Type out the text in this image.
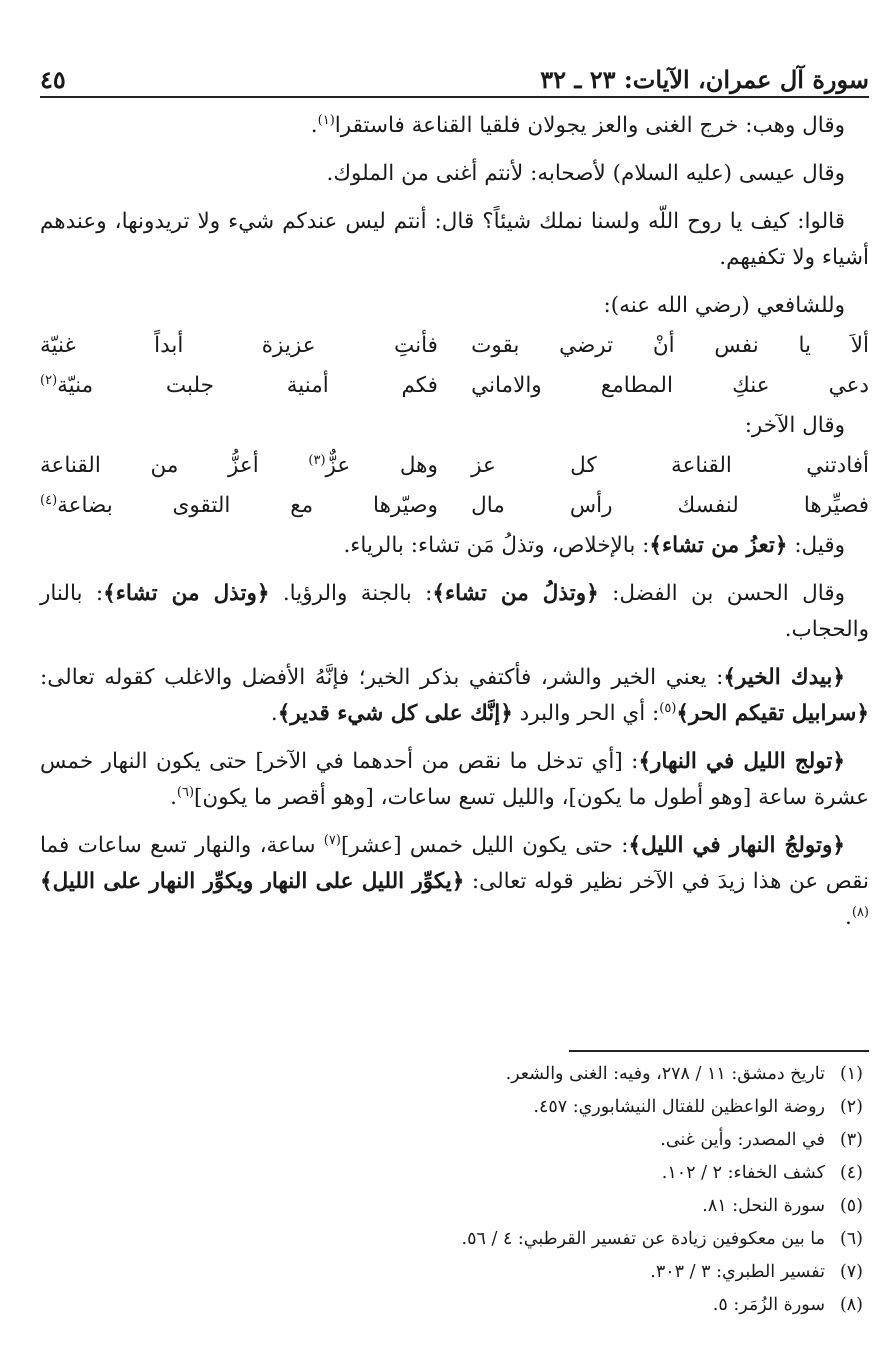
سورة آل عمران، الآيات: ٢٣ ـ ٣٢
٤٥

وقال وهب: خرج الغنى والعز يجولان فلقيا القناعة فاستقرا$^{(١)}$.

وقال عيسى (عليه السلام) لأصحابه: لأنتم أغنى من الملوك.

قالوا: كيف يا روح اللّه ولسنا نملك شيئاً؟ قال: أنتم ليس عندكم شيء ولا تريدونها، وعندهم أشياء ولا تكفيهم.

وللشافعي (رضي الله عنه):

ألاَ يا نفس أنْ ترضي بقوت
فأنتِ عزيزة أبداً غنيّة
دعي عنكِ المطامع والاماني
فكم أمنية جلبت منيّة$^{(٢)}$

وقال الآخر:

أفادتني القناعة كل عز
وهل عزٌّ$^{(٣)}$ أعزُّ من القناعة
فصيِّرها لنفسك رأس مال
وصيّرها مع التقوى بضاعة$^{(٤)}$

وقيل: ﴿تعزُ من تشاء﴾: بالإخلاص، وتذلُ مَن تشاء: بالرياء.

وقال الحسن بن الفضل: ﴿وتذلُ من تشاء﴾: بالجنة والرؤيا. ﴿وتذل من تشاء﴾: بالنار والحجاب.

﴿بيدك الخير﴾: يعني الخير والشر، فأكتفي بذكر الخير؛ فإنَّهُ الأفضل والاغلب كقوله تعالى: ﴿سرابيل تقيكم الحر﴾$^{(٥)}$: أي الحر والبرد ﴿إنَّك على كل شيء قدير﴾.

﴿تولج الليل في النهار﴾: [أي تدخل ما نقص من أحدهما في الآخر] حتى يكون النهار خمس عشرة ساعة [وهو أطول ما يكون]، والليل تسع ساعات، [وهو أقصر ما يكون]$^{(٦)}$.

﴿وتولجُ النهار في الليل﴾: حتى يكون الليل خمس [عشر]$^{(٧)}$ ساعة، والنهار تسع ساعات فما نقص عن هذا زيدَ في الآخر نظير قوله تعالى: ﴿يكوِّر الليل على النهار ويكوِّر النهار على الليل﴾$^{(٨)}$.

(١)
تاريخ دمشق: ١١ / ٢٧٨، وفيه: الغنى والشعر.
(٢)
روضة الواعظين للفتال النيشابوري: ٤٥٧.
(٣)
في المصدر: وأين غنى.
(٤)
كشف الخفاء: ٢ / ١٠٢.
(٥)
سورة النحل: ٨١.
(٦)
ما بين معكوفين زيادة عن تفسير القرطبي: ٤ / ٥٦.
(٧)
تفسير الطبري: ٣ / ٣٠٣.
(٨)
سورة الزُمَر: ٥.
